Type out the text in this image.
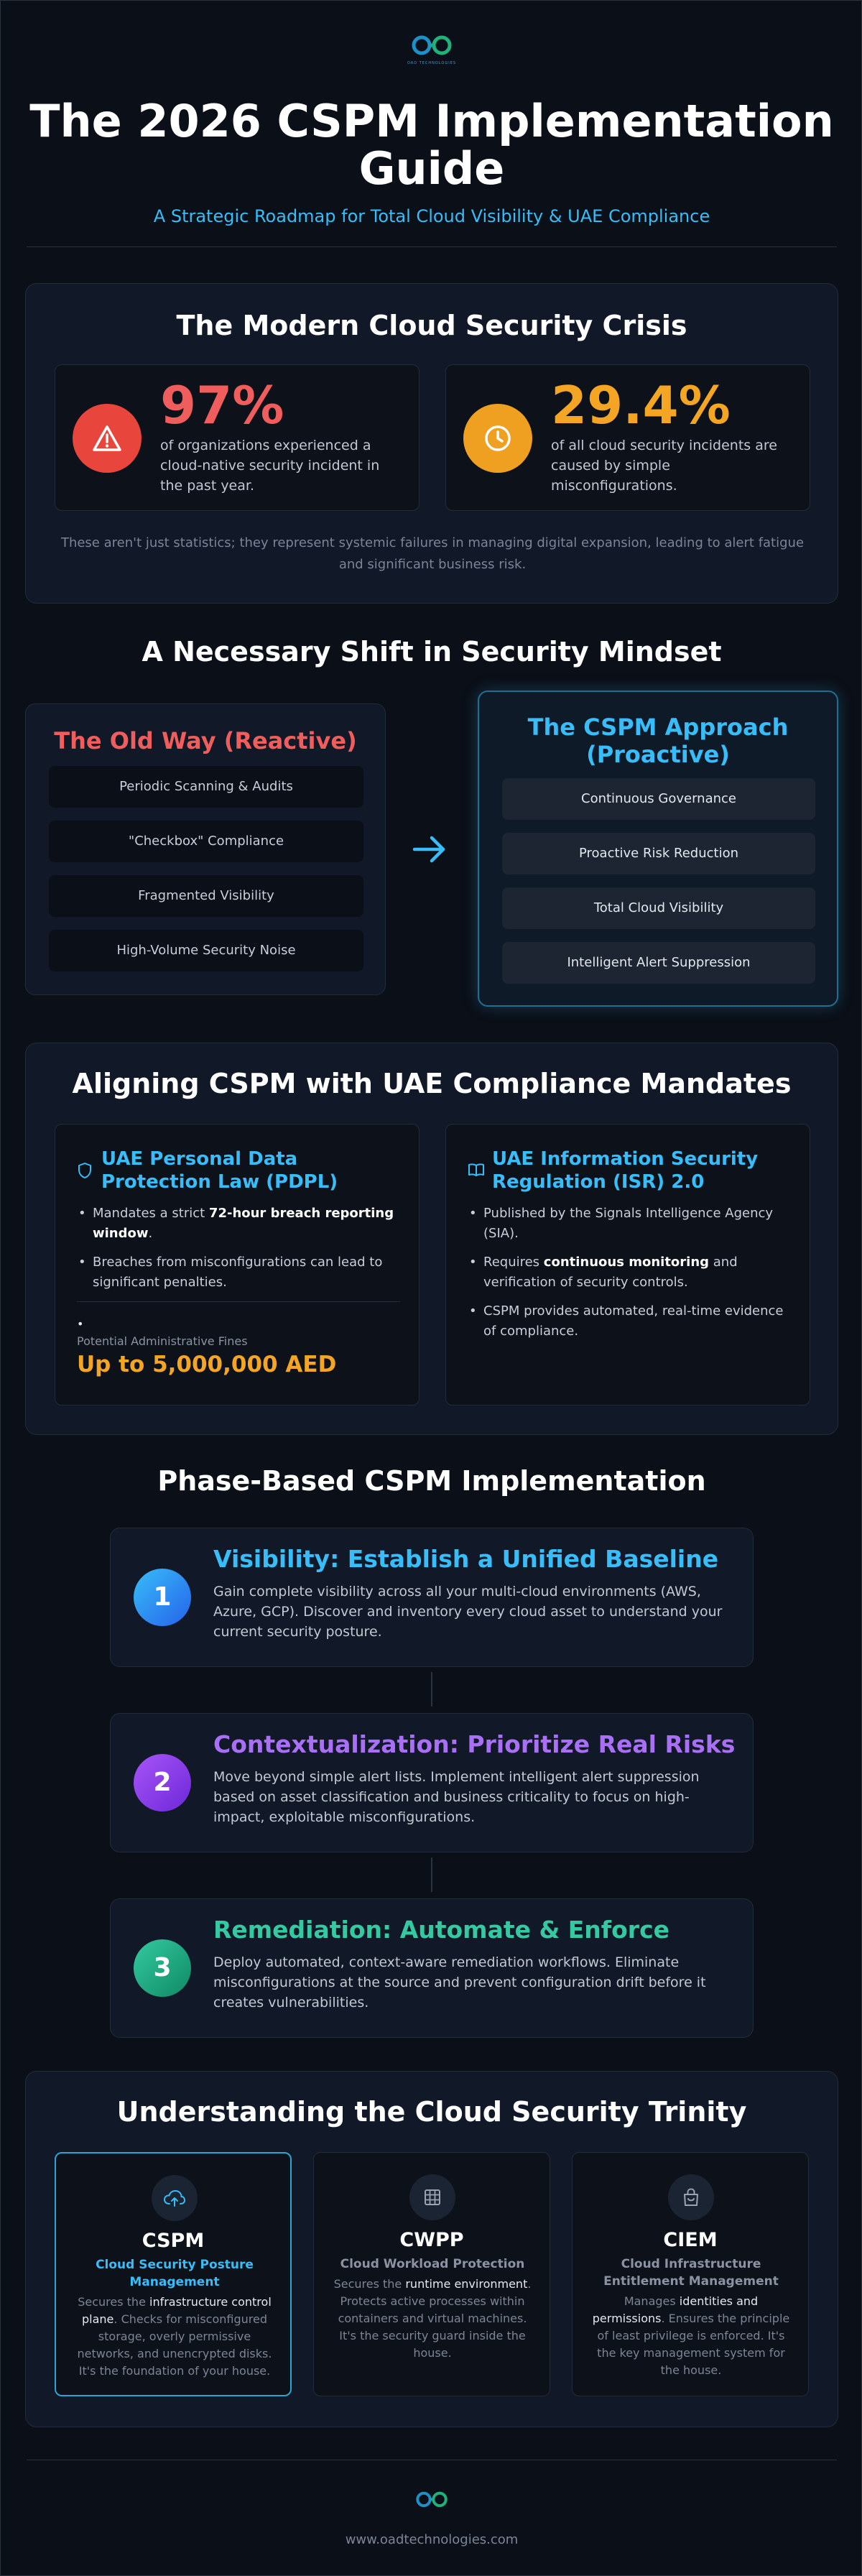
OAD TECHNOLOGIES
The 2026 CSPM Implementation
Guide
A Strategic Roadmap for Total Cloud Visibility & UAE Compliance
The Modern Cloud Security Crisis
97%
of organizations experienced a cloud-native security incident in the past year.
29.4%
of all cloud security incidents are caused by simple misconfigurations.
These aren't just statistics; they represent systemic failures in managing digital expansion, leading to alert fatigue and significant business risk.
A Necessary Shift in Security Mindset
The Old Way (Reactive)
Periodic Scanning & Audits
"Checkbox" Compliance
Fragmented Visibility
High-Volume Security Noise
The CSPM Approach
(Proactive)
Continuous Governance
Proactive Risk Reduction
Total Cloud Visibility
Intelligent Alert Suppression
Aligning CSPM with UAE Compliance Mandates
UAE Personal Data Protection Law (PDPL)
• Mandates a strict 72-hour breach reporting window.
• Breaches from misconfigurations can lead to significant penalties.
•
Potential Administrative Fines
Up to 5,000,000 AED
UAE Information Security Regulation (ISR) 2.0
• Published by the Signals Intelligence Agency (SIA).
• Requires continuous monitoring and verification of security controls.
• CSPM provides automated, real-time evidence of compliance.
Phase-Based CSPM Implementation
1
Visibility: Establish a Unified Baseline
Gain complete visibility across all your multi-cloud environments (AWS, Azure, GCP). Discover and inventory every cloud asset to understand your current security posture.
2
Contextualization: Prioritize Real Risks
Move beyond simple alert lists. Implement intelligent alert suppression based on asset classification and business criticality to focus on high-impact, exploitable misconfigurations.
3
Remediation: Automate & Enforce
Deploy automated, context-aware remediation workflows. Eliminate misconfigurations at the source and prevent configuration drift before it creates vulnerabilities.
Understanding the Cloud Security Trinity
CSPM
Cloud Security Posture Management
Secures the infrastructure control plane. Checks for misconfigured storage, overly permissive networks, and unencrypted disks. It's the foundation of your house.
CWPP
Cloud Workload Protection
Secures the runtime environment. Protects active processes within containers and virtual machines. It's the security guard inside the house.
CIEM
Cloud Infrastructure Entitlement Management
Manages identities and permissions. Ensures the principle of least privilege is enforced. It's the key management system for the house.
www.oadtechnologies.com
